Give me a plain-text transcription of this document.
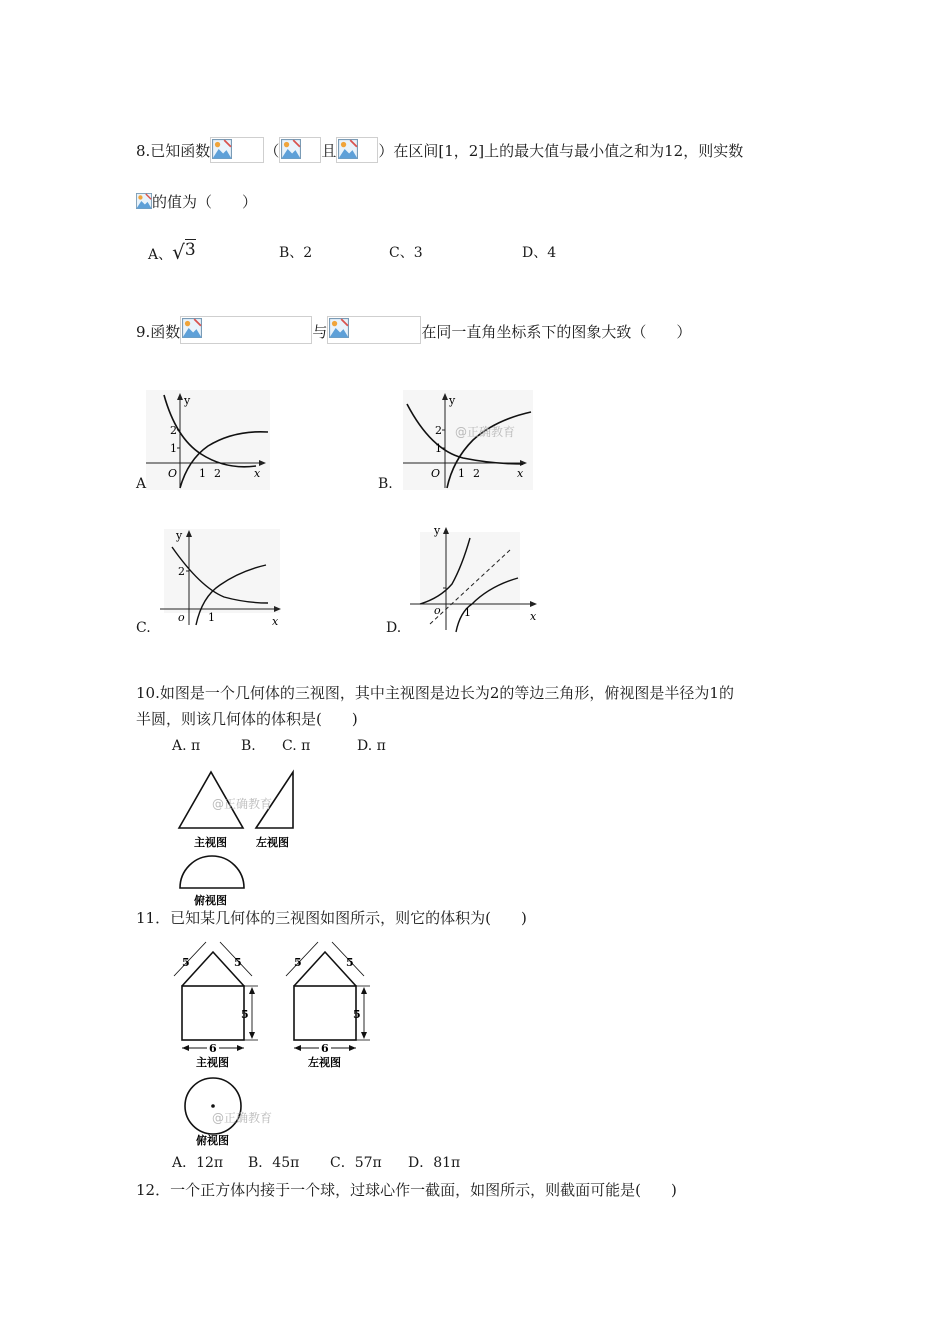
8.已知函数	（	且	）在区间[1，2]上的最大值与最小值之和为12，则实数
的值为（　　）
A、√3	B、2	C、3	D、4
9.函数	与	在同一直角坐标系下的图象大致（　　）
y
x
O
1
2
1 2
A
y
x
O
1
2
1 2
@正确教育
B.
y
x
o
2
1
C.
y
x
o 1
D.
10.如图是一个几何体的三视图，其中主视图是边长为2的等边三角形，俯视图是半径为1的
半圆，则该几何体的体积是(　　)
A. π	B. C. π	D. π
主视图	左视图
俯视图
@正确教育
11．已知某几何体的三视图如图所示，则它的体积为(　　)
5	5
5
6
主视图
5	5
5
6
左视图
俯视图
@正确教育
A．12π B．45π C．57π D．81π
12．一个正方体内接于一个球，过球心作一截面，如图所示，则截面可能是(　　)
